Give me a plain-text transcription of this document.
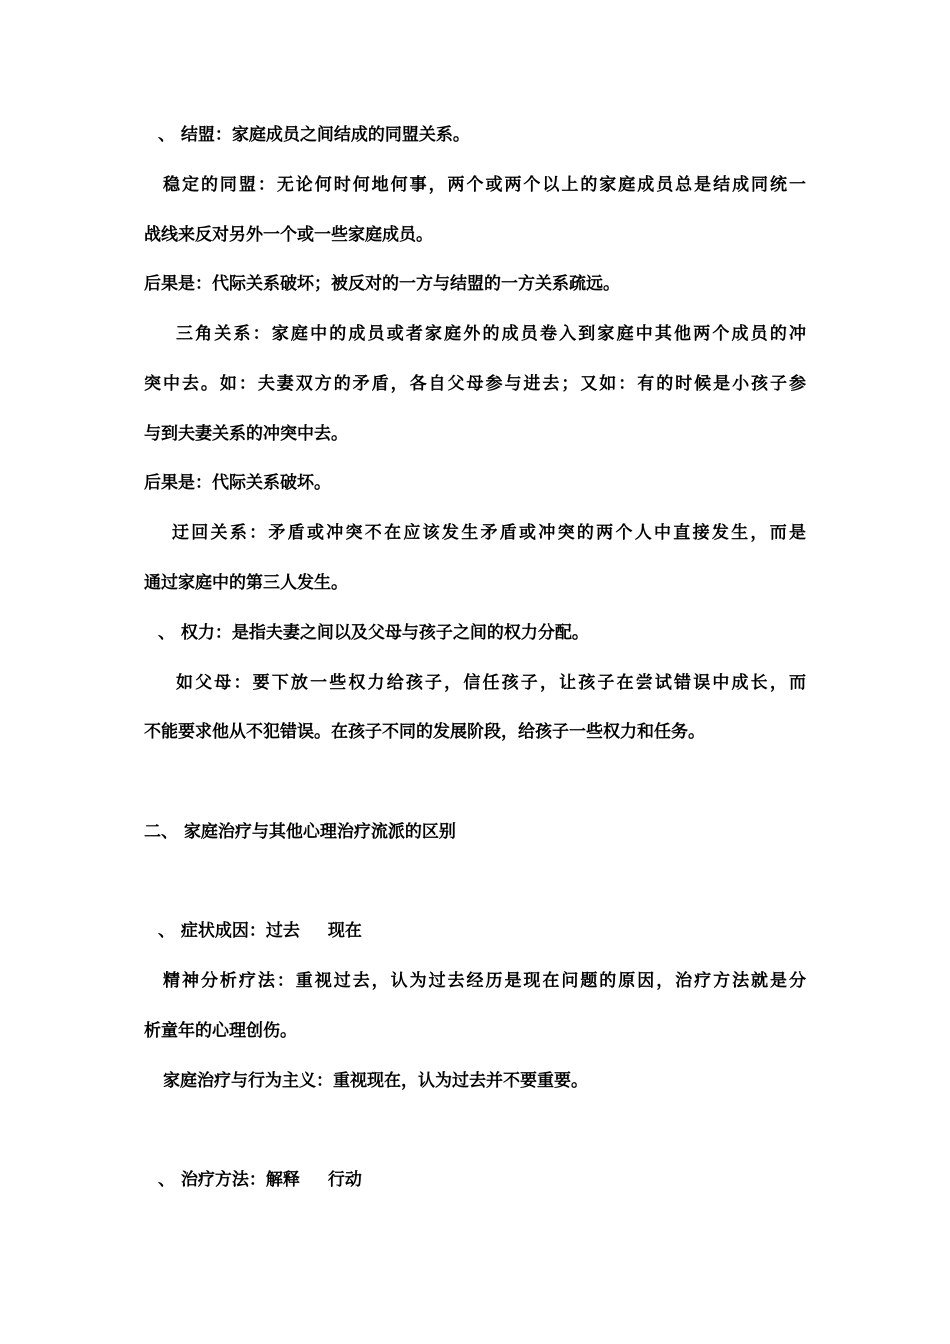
、 结盟：家庭成员之间结成的同盟关系。
稳定的同盟：无论何时何地何事，两个或两个以上的家庭成员总是结成同统一
战线来反对另外一个或一些家庭成员。
后果是：代际关系破坏；被反对的一方与结盟的一方关系疏远。
三角关系：家庭中的成员或者家庭外的成员卷入到家庭中其他两个成员的冲
突中去。如：夫妻双方的矛盾，各自父母参与进去；又如：有的时候是小孩子参
与到夫妻关系的冲突中去。
后果是：代际关系破坏。
迂回关系：矛盾或冲突不在应该发生矛盾或冲突的两个人中直接发生，而是
通过家庭中的第三人发生。
、 权力：是指夫妻之间以及父母与孩子之间的权力分配。
如父母：要下放一些权力给孩子，信任孩子，让孩子在尝试错误中成长，而
不能要求他从不犯错误。在孩子不同的发展阶段，给孩子一些权力和任务。
二、 家庭治疗与其他心理治疗流派的区别
、 症状成因：过去 现在
精神分析疗法：重视过去，认为过去经历是现在问题的原因，治疗方法就是分
析童年的心理创伤。
家庭治疗与行为主义：重视现在，认为过去并不要重要。
、 治疗方法：解释 行动
